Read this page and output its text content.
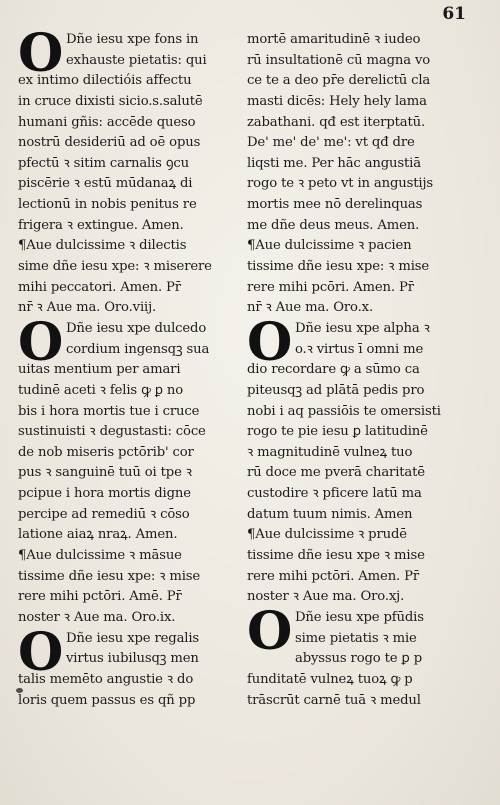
61
O Dñe iesu xpe fons in
exhauste pietatis: qui
ex intimo dilectióis affectu
in cruce dixisti sicio.s.salutē
humani gñis: accēde queso
nostrū desideriū ad oē opus
pfectū ꝛ sitim carnalis ꝯcu
piscērie ꝛ estū mūdanaꝝ di
lectionū in nobis penitus re
frigera ꝛ extingue. Amen.
¶Aue dulcissime ꝛ dilectis
sime dñe iesu xpe: ꝛ miserere
mihi peccatori. Amen. Pr̄
nr̄ ꝛ Aue ma. Oro.viij.
O Dñe iesu xpe dulcedo
cordium ingensqꝫ sua
uitas mentium per amari
tudinē aceti ꝛ felis ꝙ ꝑ no
bis i hora mortis tue i cruce
sustinuisti ꝛ degustasti: cōce
de nob miseris pctōrib' cor
pus ꝛ sanguinē tuū oi tpe ꝛ
pcipue i hora mortis digne
percipe ad remediū ꝛ cōso
latione aiaꝝ nraꝝ. Amen.
¶Aue dulcissime ꝛ māsue
tissime dñe iesu xpe: ꝛ mise
rere mihi pctōri. Amē. Pr̄
noster ꝛ Aue ma. Oro.ix.
O Dñe iesu xpe regalis
virtus iubilusqꝫ men
talis memēto angustie ꝛ do
loris quem passus es qñ pp
mortē amaritudinē ꝛ iudeo
rū insultationē cū magna vo
ce te a deo pr̄e derelictū cla
masti dicēs: Hely hely lama
zabathani. qđ est iterptatū.
De' me' de' me': vt qđ dre
liqsti me. Per hāc angustiā
rogo te ꝛ peto vt in angustijs
mortis mee nō derelinquas
me dñe deus meus. Amen.
¶Aue dulcissime ꝛ pacien
tissime dñe iesu xpe: ꝛ mise
rere mihi pcōri. Amen. Pr̄
nr̄ ꝛ Aue ma. Oro.x.
O Dñe iesu xpe alpha ꝛ
o.ꝛ virtus ī omni me
dio recordare ꝙ a sūmo ca
piteusqꝫ ad plātā pedis pro
nobi i aq passiōis te omersisti
rogo te pie iesu ꝑ latitudinē
ꝛ magnitudinē vulneꝝ tuo
rū doce me pverā charitatē
custodire ꝛ pficere latū ma
datum tuum nimis. Amen
¶Aue dulcissime ꝛ prudē
tissime dñe iesu xpe ꝛ mise
rere mihi pctōri. Amen. Pr̄
noster ꝛ Aue ma. Oro.xj.
O Dñe iesu xpe pfūdis
sime pietatis ꝛ mie
abyssus rogo te ꝑ p
funditatē vulneꝝ tuoꝝ ꝙ p
trāscrūt carnē tuā ꝛ medul
